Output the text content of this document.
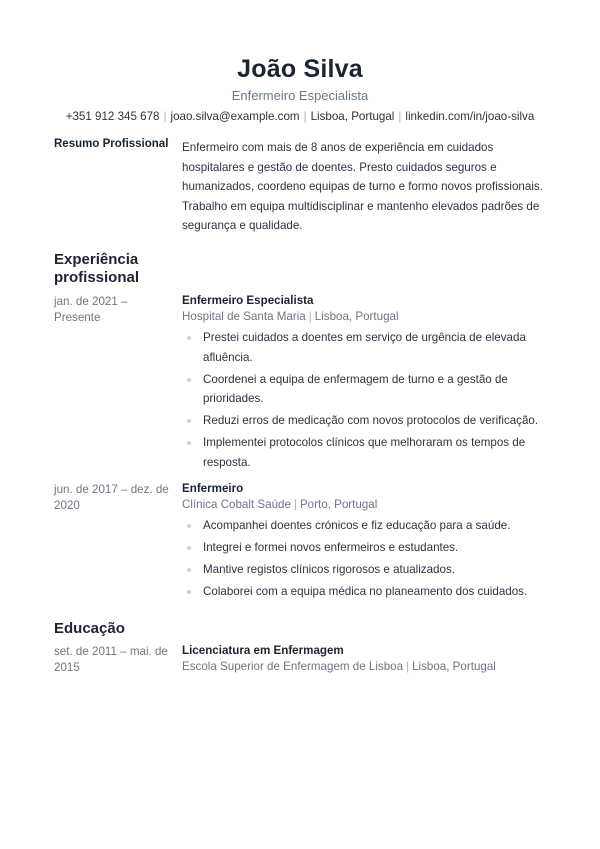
João Silva
Enfermeiro Especialista
+351 912 345 678 | joao.silva@example.com | Lisboa, Portugal | linkedin.com/in/joao-silva
Resumo Profissional Enfermeiro com mais de 8 anos de experiência em cuidados hospitalares e gestão de doentes. Presto cuidados seguros e humanizados, coordeno equipas de turno e formo novos profissionais. Trabalho em equipa multidisciplinar e mantenho elevados padrões de segurança e qualidade.
Experiência profissional
jan. de 2021 – Presente
Enfermeiro Especialista
Hospital de Santa Maria | Lisboa, Portugal
Prestei cuidados a doentes em serviço de urgência de elevada afluência.
Coordenei a equipa de enfermagem de turno e a gestão de prioridades.
Reduzi erros de medicação com novos protocolos de verificação.
Implementei protocolos clínicos que melhoraram os tempos de resposta.
jun. de 2017 – dez. de 2020
Enfermeiro
Clínica Cobalt Saúde | Porto, Portugal
Acompanhei doentes crónicos e fiz educação para a saúde.
Integrei e formei novos enfermeiros e estudantes.
Mantive registos clínicos rigorosos e atualizados.
Colaborei com a equipa médica no planeamento dos cuidados.
Educação
set. de 2011 – mai. de 2015
Licenciatura em Enfermagem
Escola Superior de Enfermagem de Lisboa | Lisboa, Portugal
